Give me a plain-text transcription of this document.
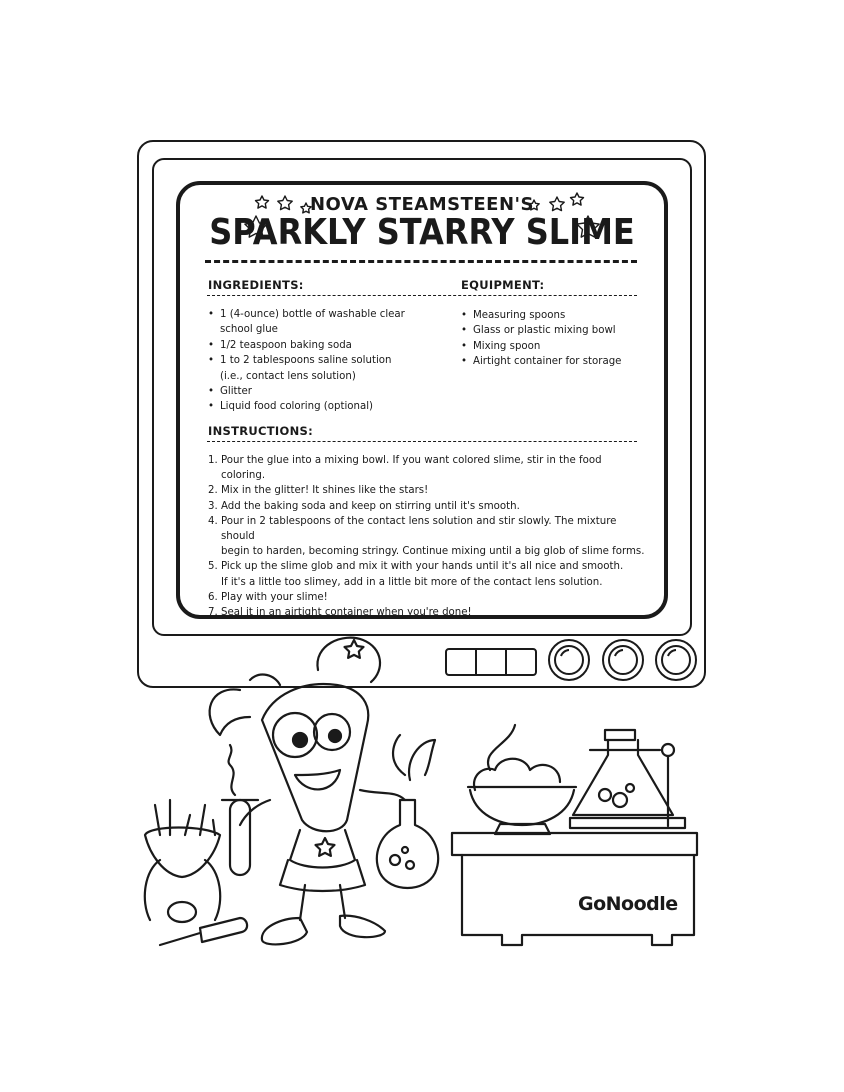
NOVA STEAMSTEEN'S
SPARKLY STARRY SLIME
INGREDIENTS:
• 1 (4-ounce) bottle of washable clear
school glue
• 1/2 teaspoon baking soda
• 1 to 2 tablespoons saline solution
(i.e., contact lens solution)
• Glitter
• Liquid food coloring (optional)
EQUIPMENT:
• Measuring spoons
• Glass or plastic mixing bowl
• Mixing spoon
• Airtight container for storage
INSTRUCTIONS:
1. Pour the glue into a mixing bowl. If you want colored slime, stir in the food coloring.
2. Mix in the glitter! It shines like the stars!
3. Add the baking soda and keep on stirring until it's smooth.
4. Pour in 2 tablespoons of the contact lens solution and stir slowly. The mixture should
begin to harden, becoming stringy. Continue mixing until a big glob of slime forms.
5. Pick up the slime glob and mix it with your hands until it's all nice and smooth.
If it's a little too slimey, add in a little bit more of the contact lens solution.
6. Play with your slime!
7. Seal it in an airtight container when you're done!
GoNoodle
